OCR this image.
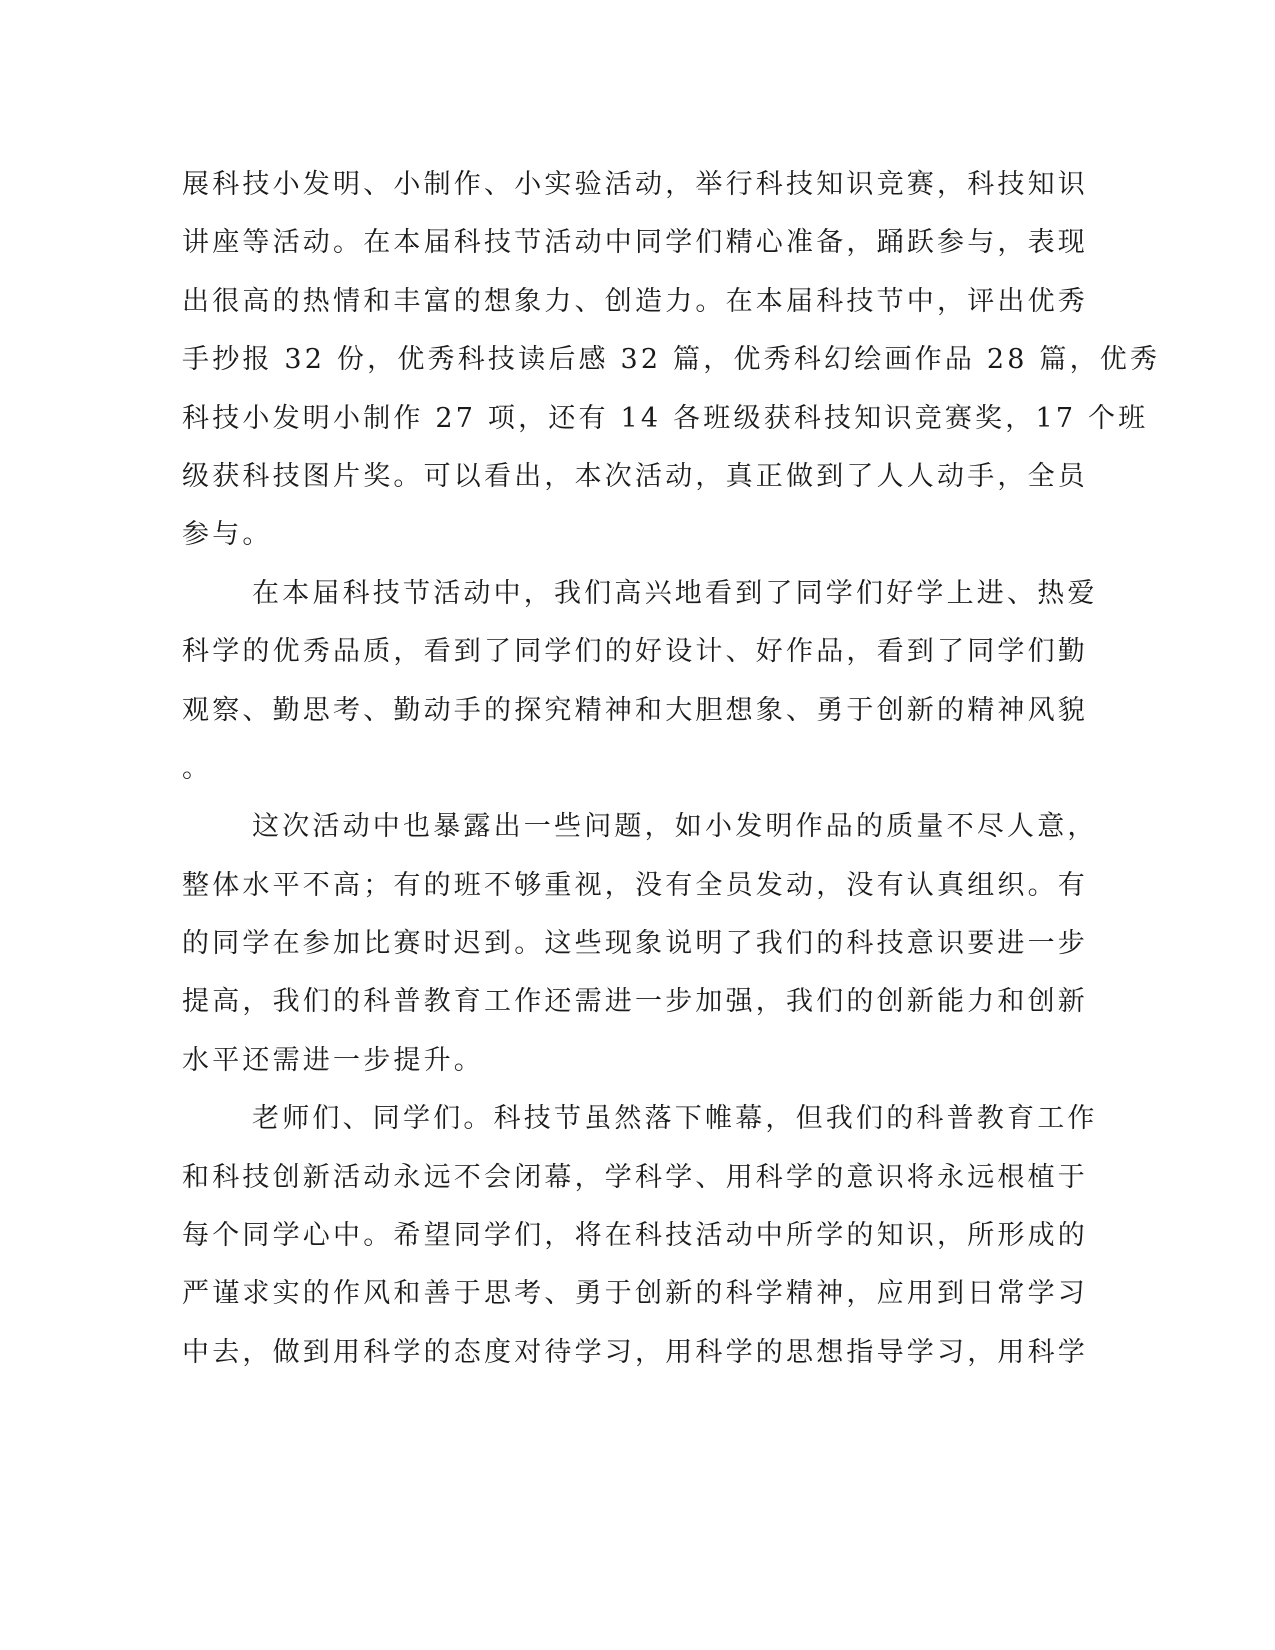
展科技小发明、小制作、小实验活动，举行科技知识竞赛，科技知识
讲座等活动。在本届科技节活动中同学们精心准备，踊跃参与，表现
出很高的热情和丰富的想象力、创造力。在本届科技节中，评出优秀
手抄报 32 份，优秀科技读后感 32 篇，优秀科幻绘画作品 28 篇，优秀
科技小发明小制作 27 项，还有 14 各班级获科技知识竞赛奖，17 个班
级获科技图片奖。可以看出，本次活动，真正做到了人人动手，全员
参与。
在本届科技节活动中，我们高兴地看到了同学们好学上进、热爱
科学的优秀品质，看到了同学们的好设计、好作品，看到了同学们勤
观察、勤思考、勤动手的探究精神和大胆想象、勇于创新的精神风貌
。
这次活动中也暴露出一些问题，如小发明作品的质量不尽人意，
整体水平不高；有的班不够重视，没有全员发动，没有认真组织。有
的同学在参加比赛时迟到。这些现象说明了我们的科技意识要进一步
提高，我们的科普教育工作还需进一步加强，我们的创新能力和创新
水平还需进一步提升。
老师们、同学们。科技节虽然落下帷幕，但我们的科普教育工作
和科技创新活动永远不会闭幕，学科学、用科学的意识将永远根植于
每个同学心中。希望同学们，将在科技活动中所学的知识，所形成的
严谨求实的作风和善于思考、勇于创新的科学精神，应用到日常学习
中去，做到用科学的态度对待学习，用科学的思想指导学习，用科学
